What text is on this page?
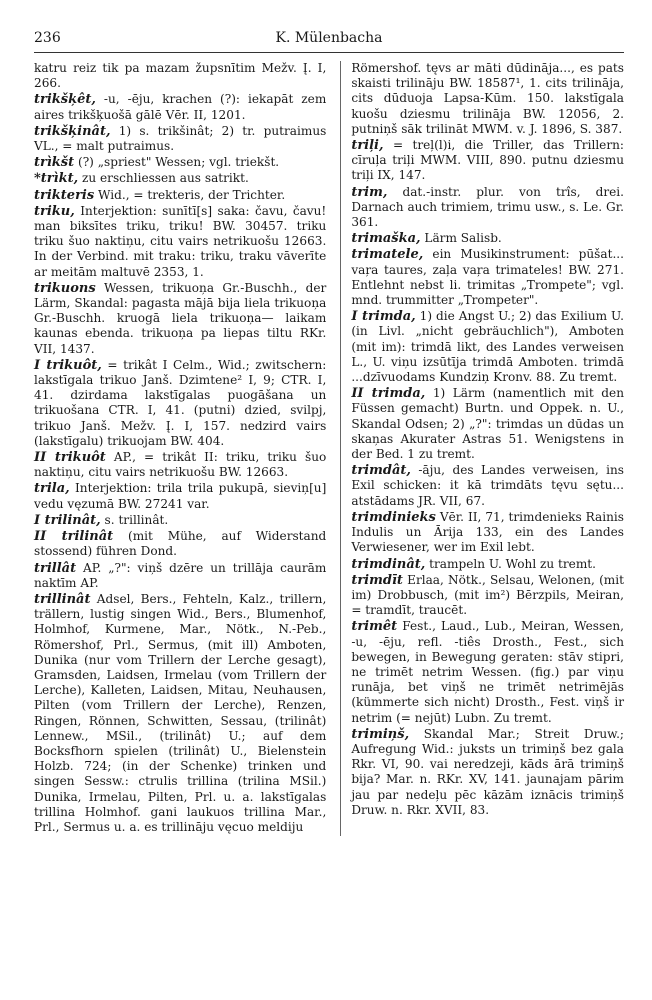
236	K. Mülenbacha
katru reiz tik pa mazam župsnītim Mežv. Į. I, 266.
trikšķêt, -u, -ēju, krachen (?): iekapāt zem aires trikšķuošā gālē Vēr. II, 1201.
trikšķinât, 1) s. trikšinât; 2) tr. putraimus VL., = malt putraimus.
trìkšt (?) „spriest" Wessen; vgl. triekšt.
*trìkt, zu erschliessen aus satrikt.
trikteris Wid., = trekteris, der Trichter.
triku, Interjektion: sunītī[s] saka: čavu, čavu! man biksītes triku, triku! BW. 30457. triku triku šuo naktiņu, citu vairs netrikuošu 12663. In der Verbind. mit traku: triku, traku vāverīte ar meitām maltuvē 2353, 1.
trikuons Wessen, trikuoņa Gr.-Buschh., der Lärm, Skandal: pagasta mājā bija liela trikuoņa Gr.-Buschh. kruogā liela trikuoņa— laikam kaunas ebenda. trikuoņa pa liepas tiltu RKr. VII, 1437.
I trikuôt, = trikât I Celm., Wid.; zwitschern: lakstīgala trikuo Janš. Dzimtene² I, 9; CTR. I, 41. dzirdama lakstīgalas puogāšana un trikuošana CTR. I, 41. (putni) dzied, svilpj, trikuo Janš. Mežv. Į. I, 157. nedzird vairs (lakstīgalu) trikuojam BW. 404.
II trikuôt AP., = trikât II: triku, triku šuo naktiņu, citu vairs netrikuošu BW. 12663.
trila, Interjektion: trila trila pukupā, sieviņ[u] vedu vęzumā BW. 27241 var.
I trilinât, s. trillinât.
II trilinât (mit Mühe, auf Widerstand stossend) führen Dond.
trillât AP. „?": viņš dzēre un trillāja caurām naktīm AP.
trillinât Adsel, Bers., Fehteln, Kalz., trillern, trällern, lustig singen Wid., Bers., Blumenhof, Holmhof, Kurmene, Mar., Nötk., N.-Peb., Römershof, Prl., Sermus, (mit ill) Amboten, Dunika (nur vom Trillern der Lerche gesagt), Gramsden, Laidsen, Irmelau (vom Trillern der Lerche), Kalleten, Laidsen, Mitau, Neuhausen, Pilten (vom Trillern der Lerche), Renzen, Ringen, Rönnen, Schwitten, Sessau, (trilinât) Lennew., MSil., (trilinât) U.; auf dem Bocksfhorn spielen (trilinât) U., Bielenstein Holzb. 724; (in der Schenke) trinken und singen Sessw.: ctrulis trillina (trilina MSil.) Dunika, Irmelau, Pilten, Prl. u. a. lakstīgalas trillina Holmhof. gani laukuos trillina Mar., Prl., Sermus u. a. es trillināju vęcuo meldiju
Römershof. tęvs ar māti dūdināja..., es pats skaisti trilināju BW. 18587¹, 1. cits trilināja, cits dūduoja Lapsa-Kūm. 150. lakstīgala kuošu dziesmu trilināja BW. 12056, 2. putniņš sāk trilināt MWM. v. J. 1896, S. 387.
triļi, = treļ(l)i, die Triller, das Trillern: cīruļa triļi MWM. VIII, 890. putnu dziesmu triļi IX, 147.
trim, dat.-instr. plur. von trîs, drei. Darnach auch trimiem, trimu usw., s. Le. Gr. 361.
trimaška, Lärm Salisb.
trimatele, ein Musikinstrument: pūšat... vaŗa taures, zaļa vaŗa trimateles! BW. 271. Entlehnt nebst li. trimitas „Trompete"; vgl. mnd. trummitter „Trompeter".
I trimda, 1) die Angst U.; 2) das Exilium U. (in Livl. „nicht gebräuchlich"), Amboten (mit im): trimdā likt, des Landes verweisen L., U. viņu izsūtīja trimdā Amboten. trimdā ...dzīvuodams Kundziņ Kronv. 88. Zu tremt.
II trimda, 1) Lärm (namentlich mit den Füssen gemacht) Burtn. und Oppek. n. U., Skandal Odsen; 2) „?": trimdas un dūdas un skaņas Akurater Astras 51. Wenigstens in der Bed. 1 zu tremt.
trimdât, -āju, des Landes verweisen, ins Exil schicken: it kā trimdāts tęvu sętu... atstādams JR. VII, 67.
trimdinieks Vēr. II, 71, trimdenieks Rainis Indulis un Ārija 133, ein des Landes Verwiesener, wer im Exil lebt.
trimdinât, trampeln U. Wohl zu tremt.
trimdīt Erlaa, Nötk., Selsau, Welonen, (mit im) Drobbusch, (mit im²) Bērzpils, Meiran, = tramdīt, traucēt.
trimêt Fest., Laud., Lub., Meiran, Wessen, -u, -ēju, refl. -tiês Drosth., Fest., sich bewegen, in Bewegung geraten: stāv stipri, ne trimēt netrim Wessen. (fig.) par viņu runāja, bet viņš ne trimēt netrimējās (kümmerte sich nicht) Drosth., Fest. viņš ir netrim (= nejūt) Lubn. Zu tremt.
trimiņš, Skandal Mar.; Streit Druw.; Aufregung Wid.: juksts un trimiņš bez gala Rkr. VI, 90. vai neredzeji, kāds ārā trimiņš bija? Mar. n. RKr. XV, 141. jaunajam pārim jau par nedeļu pēc kāzām iznācis trimiņš Druw. n. Rkr. XVII, 83.
